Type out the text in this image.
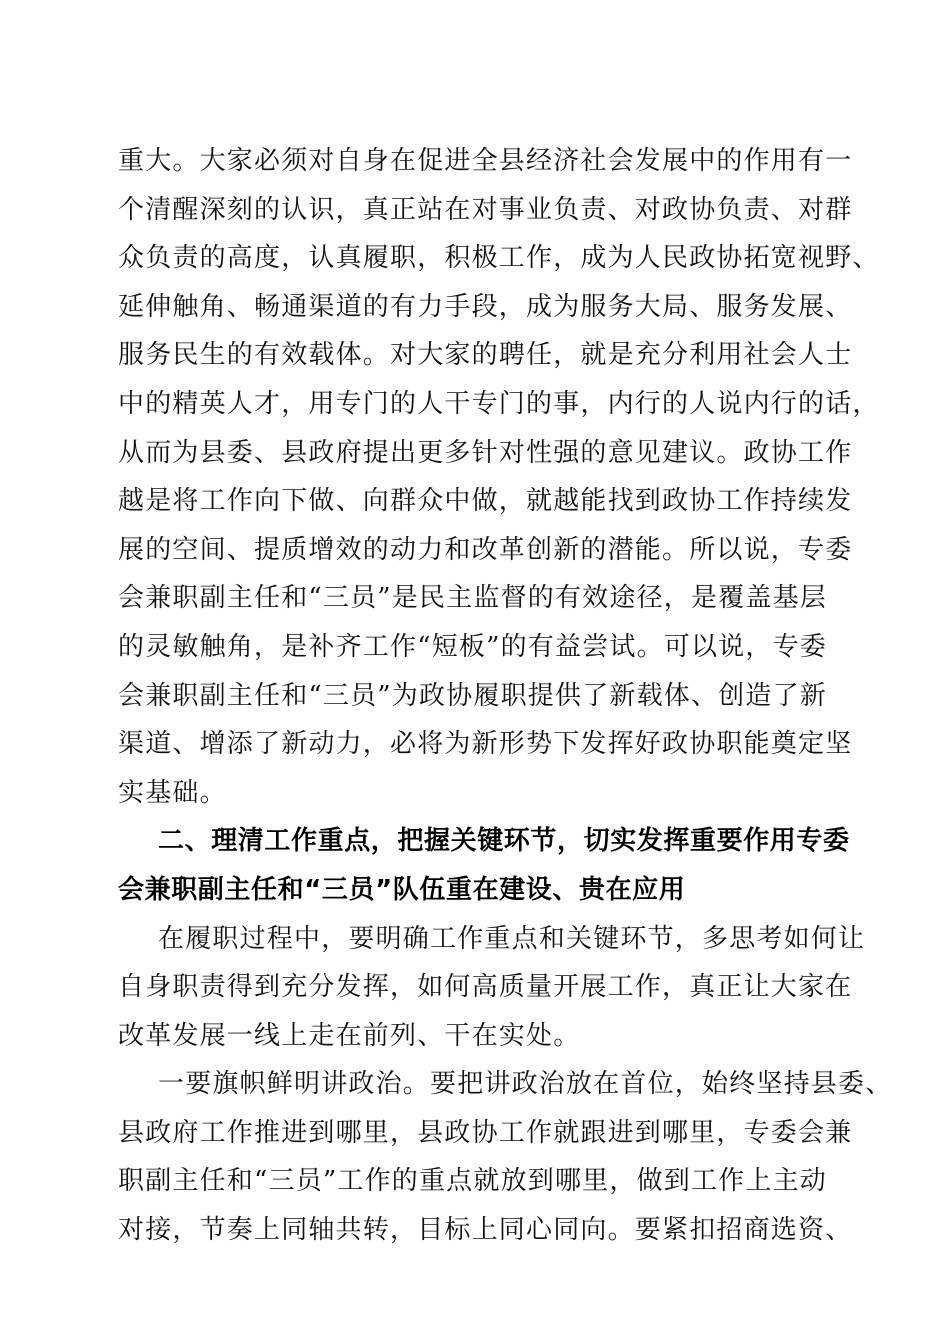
重大。大家必须对自身在促进全县经济社会发展中的作用有一
个清醒深刻的认识，真正站在对事业负责、对政协负责、对群
众负责的高度，认真履职，积极工作，成为人民政协拓宽视野、
延伸触角、畅通渠道的有力手段，成为服务大局、服务发展、
服务民生的有效载体。对大家的聘任，就是充分利用社会人士
中的精英人才，用专门的人干专门的事，内行的人说内行的话，
从而为县委、县政府提出更多针对性强的意见建议。政协工作
越是将工作向下做、向群众中做，就越能找到政协工作持续发
展的空间、提质增效的动力和改革创新的潜能。所以说，专委
会兼职副主任和“三员”是民主监督的有效途径，是覆盖基层
的灵敏触角，是补齐工作“短板”的有益尝试。可以说，专委
会兼职副主任和“三员”为政协履职提供了新载体、创造了新
渠道、增添了新动力，必将为新形势下发挥好政协职能奠定坚
实基础。
二、理清工作重点，把握关键环节，切实发挥重要作用专委
会兼职副主任和“三员”队伍重在建设、贵在应用
在履职过程中，要明确工作重点和关键环节，多思考如何让
自身职责得到充分发挥，如何高质量开展工作，真正让大家在
改革发展一线上走在前列、干在实处。
一要旗帜鲜明讲政治。要把讲政治放在首位，始终坚持县委、
县政府工作推进到哪里，县政协工作就跟进到哪里，专委会兼
职副主任和“三员”工作的重点就放到哪里，做到工作上主动
对接，节奏上同轴共转，目标上同心同向。要紧扣招商选资、
